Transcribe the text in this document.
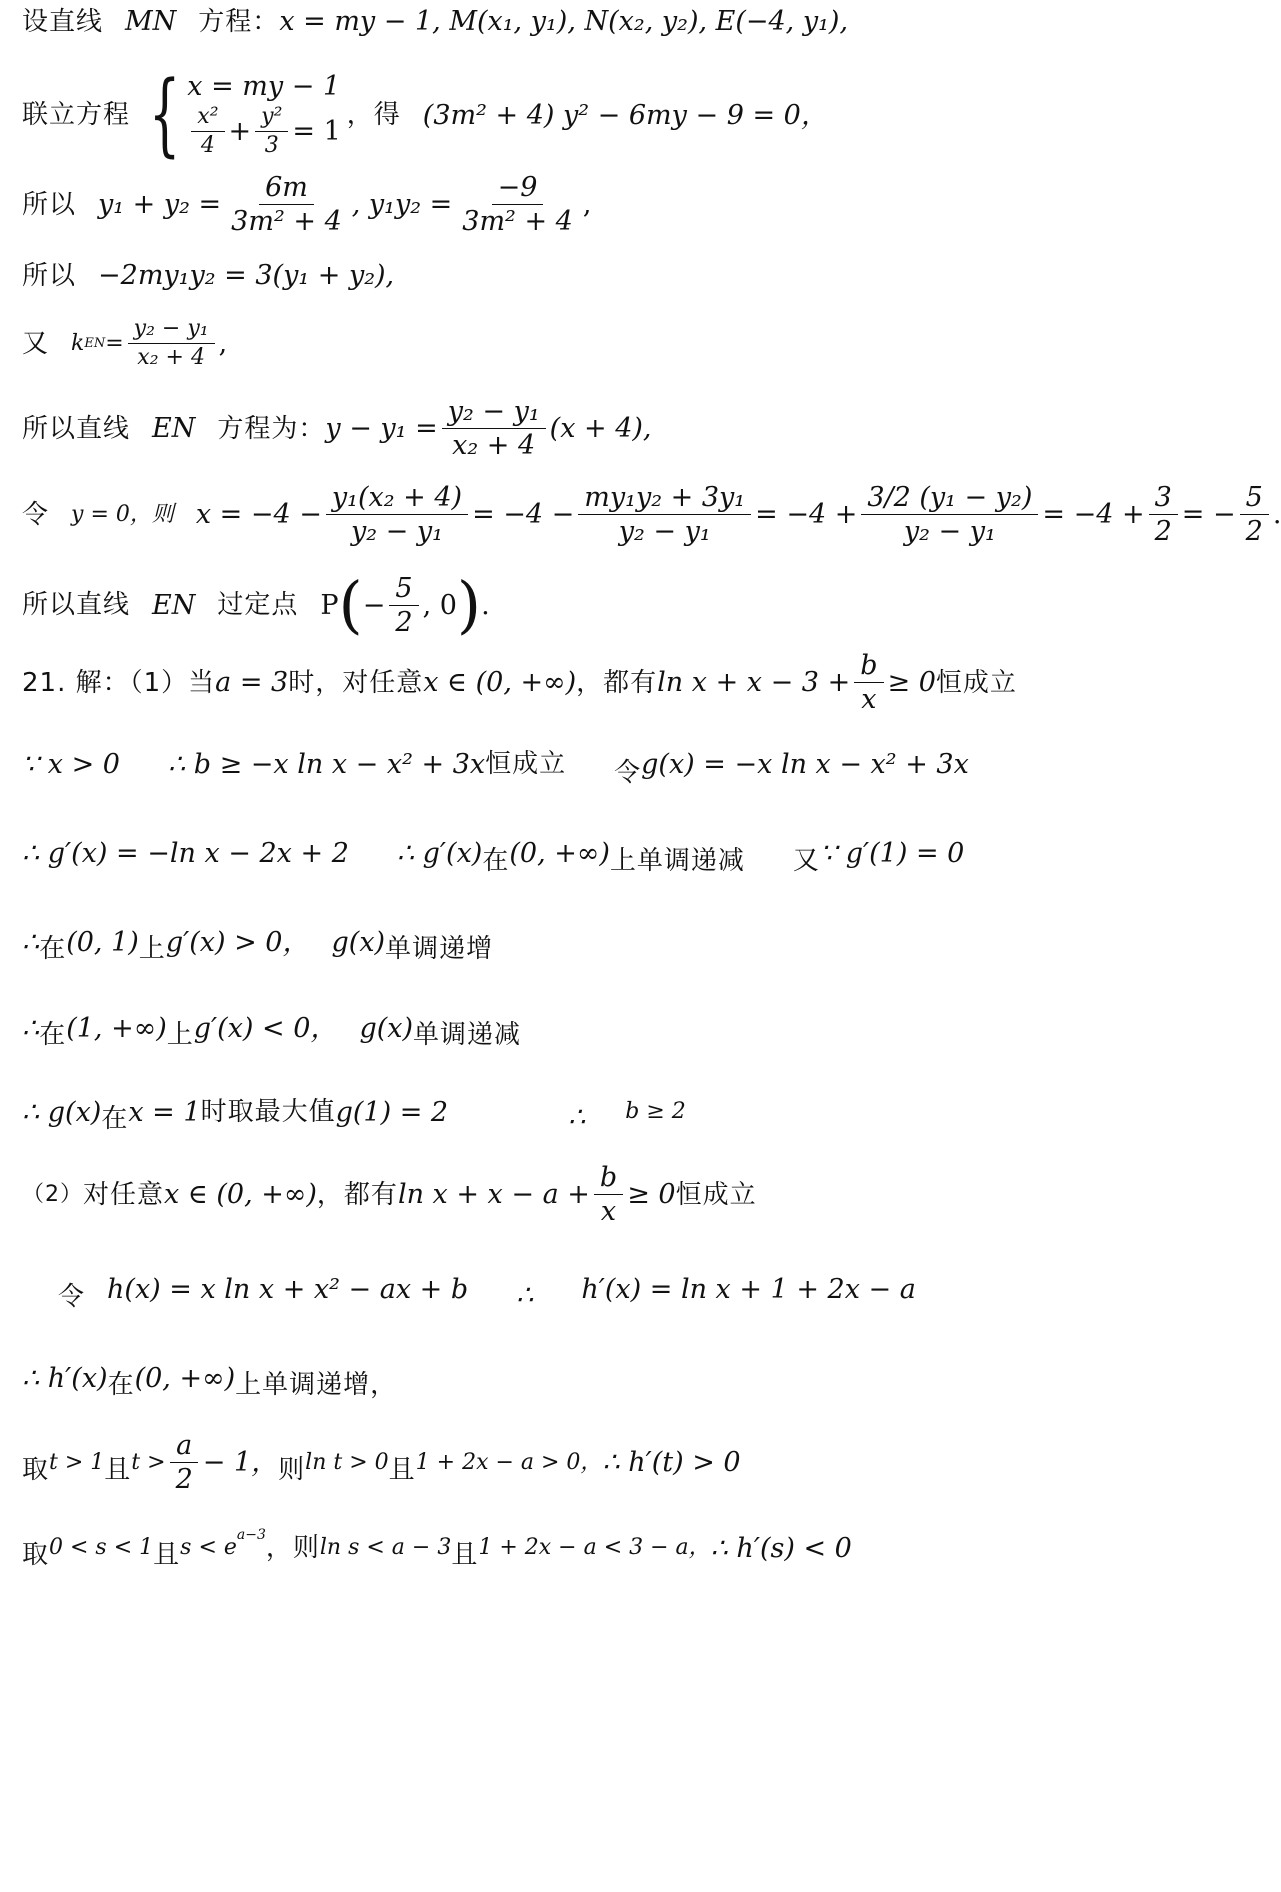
设直线 MN 方程： x = my − 1, M(x₁, y₁), N(x₂, y₂), E(−4, y₁),
联立方程 { x = my − 1
$\frac{\text{x²}}{4} + \frac{\text{y²}}{3} = 1$
，得 (3m² + 4) y² − 6my − 9 = 0，
所以 $y_1 + y_2 = \frac{6m}{\text{3m² + 4}}$ , $y_1y_2 = \frac{-9}{\text{3m² + 4}}$ ,
所以 −2my₁y₂ = 3(y₁ + y₂),
又 k EN = $\frac{\text{y₂ − y₁}}{\text{x₂ + 4}}$ ,
所以直线 EN 方程为： $y - y_1 = \frac{\text{y₂ − y₁}}{\text{x₂ + 4}} (x + 4)$,
令 y = 0，则 $x = -4 - \frac{\text{y₁(x₂ + 4)}}{\text{y₂ − y₁}} = -4 - \frac{\text{my₁y₂ + 3y₁}}{\text{y₂ − y₁}} = -4 + \frac{\text{3/2 (y₁ − y₂)}}{\text{y₂ − y₁}} = -4 + \frac{3}{2}$ = − $\frac{5}{2}$ .
所以直线 EN 过定点 P ( − $\frac{5}{2}$ , 0 ) .
21. 解：（1）当 a = 3 时，对任意 x ∈ (0, +∞) ，都有 $\ln x + x - 3 + \frac{b}{x} \ge 0$ 恒成立
∵ x > 0 ∴ b ≥ −x ln x − x² + 3x 恒成立 令 g(x) = −x ln x − x² + 3x
∴ g′(x) = −ln x − 2x + 2 ∴ g′(x) 在 (0, +∞) 上单调递减 又 ∵ g′(1) = 0
∴ 在 (0, 1) 上 g′(x) > 0， g(x) 单调递增
∴ 在 (1, +∞) 上 g′(x) < 0， g(x) 单调递减
∴ g(x) 在 x = 1 时取最大值 g(1) = 2	∴ b ≥ 2
（2） 对任意 x ∈ (0, +∞) ，都有 $\ln x + x - a + \frac{b}{x} \ge 0$ 恒成立
令 h(x) = x ln x + x² − ax + b ∴ h′(x) = ln x + 1 + 2x − a
∴ h′(x) 在 (0, +∞) 上单调递增，
取 t > 1 且 $t > \frac{a}{2} - 1$， 则 ln t > 0 且 1 + 2x − a > 0， ∴ h′(t) > 0
取 0 < s < 1 且 $s < e^{a-3}$ ，则 ln s < a − 3 且 1 + 2x − a < 3 − a， ∴ h′(s) < 0
